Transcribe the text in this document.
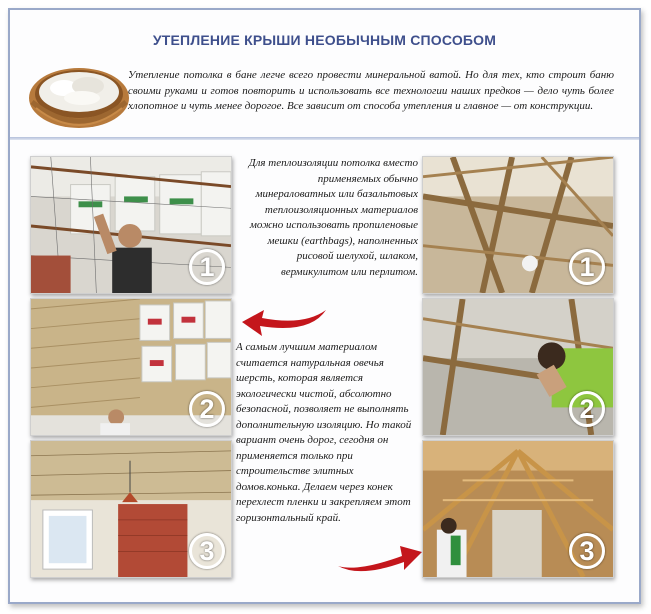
УТЕПЛЕНИЕ КРЫШИ НЕОБЫЧНЫМ СПОСОБОМ
Утепление потолка в бане легче всего провести минеральной ватой. Но для тех, кто строит баню своими руками и готов повторить и использовать все технологии наших предков — дело чуть более хлопотное и чуть менее дорогое. Все зависит от способа утепления и главное — от конструкции.
1
2
3
Для теплоизоляции потолка вместо применяемых обычно минераловатных или базальтовых теплоизоляционных материалов можно использовать пропиленовые мешки (earthbags), наполненных рисовой шелухой, шлаком, вермикулитом или перлитом.
А самым лучшим материалом считается натуральная овечья шерсть, которая является экологически чистой, абсолютно безопасной, позволяет не выполнять дополнительную изоляцию. Но такой вариант очень дорог, сегодня он применяется только при строительстве элитных домов.конька. Делаем через конек перехлест пленки и закрепляем этот горизонтальный край.
1
2
3
